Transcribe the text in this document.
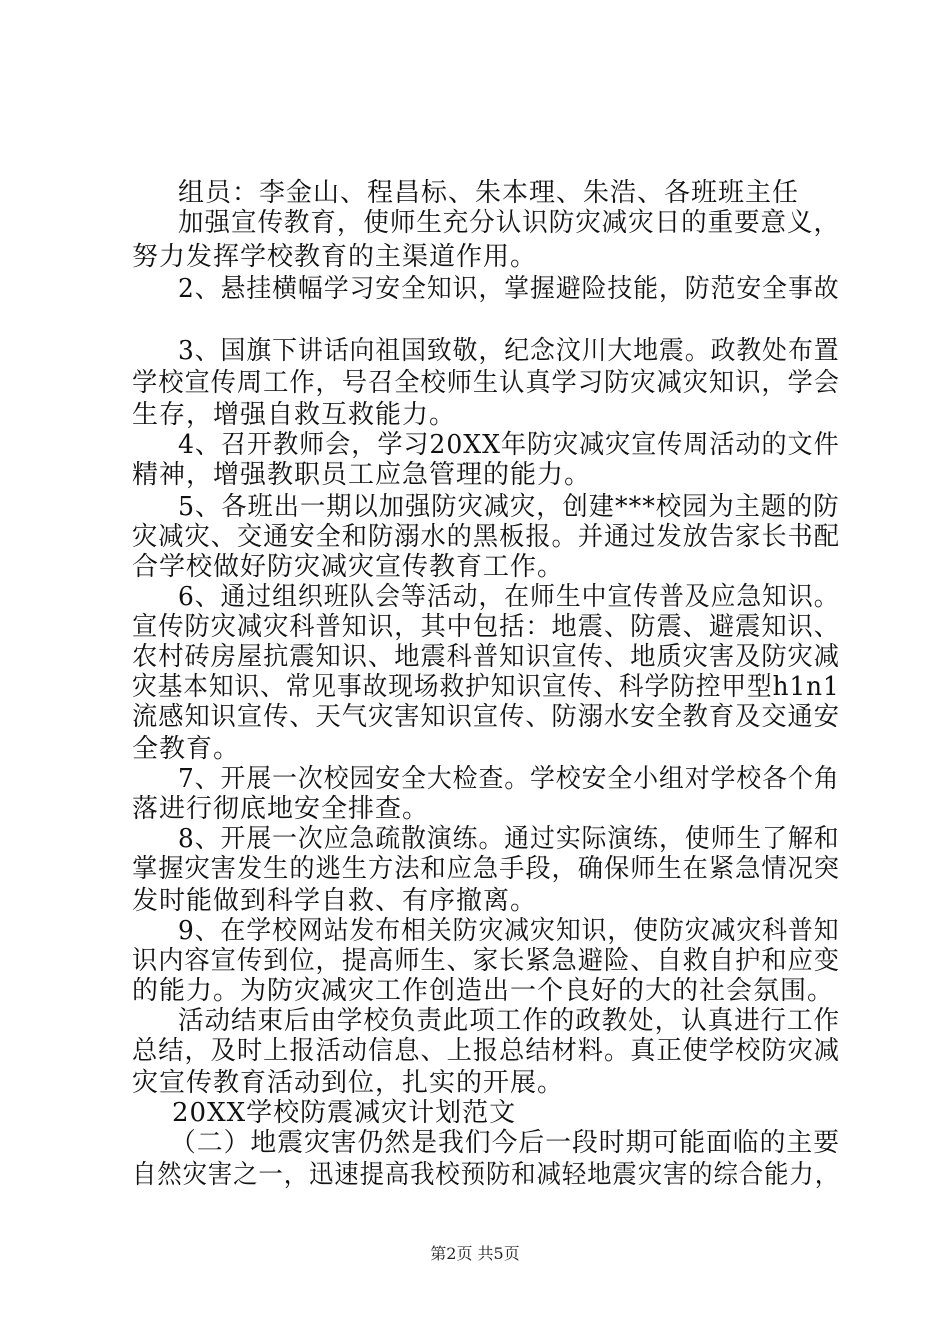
组员：李金山、程昌标、朱本理、朱浩、各班班主任
加强宣传教育，使师生充分认识防灾减灾日的重要意义，
努力发挥学校教育的主渠道作用。
2、悬挂横幅学习安全知识，掌握避险技能，防范安全事故
3、国旗下讲话向祖国致敬，纪念汶川大地震。政教处布置
学校宣传周工作，号召全校师生认真学习防灾减灾知识，学会
生存，增强自救互救能力。
4、召开教师会，学习20XX年防灾减灾宣传周活动的文件
精神，增强教职员工应急管理的能力。
5、各班出一期以加强防灾减灾，创建***校园为主题的防
灾减灾、交通安全和防溺水的黑板报。并通过发放告家长书配
合学校做好防灾减灾宣传教育工作。
6、通过组织班队会等活动，在师生中宣传普及应急知识。
宣传防灾减灾科普知识，其中包括：地震、防震、避震知识、
农村砖房屋抗震知识、地震科普知识宣传、地质灾害及防灾减
灾基本知识、常见事故现场救护知识宣传、科学防控甲型h1n1
流感知识宣传、天气灾害知识宣传、防溺水安全教育及交通安
全教育。
7、开展一次校园安全大检查。学校安全小组对学校各个角
落进行彻底地安全排查。
8、开展一次应急疏散演练。通过实际演练，使师生了解和
掌握灾害发生的逃生方法和应急手段，确保师生在紧急情况突
发时能做到科学自救、有序撤离。
9、在学校网站发布相关防灾减灾知识，使防灾减灾科普知
识内容宣传到位，提高师生、家长紧急避险、自救自护和应变
的能力。为防灾减灾工作创造出一个良好的大的社会氛围。
活动结束后由学校负责此项工作的政教处，认真进行工作
总结，及时上报活动信息、上报总结材料。真正使学校防灾减
灾宣传教育活动到位，扎实的开展。
20XX学校防震减灾计划范文
（二）地震灾害仍然是我们今后一段时期可能面临的主要
自然灾害之一，迅速提高我校预防和减轻地震灾害的综合能力，
第2页 共5页
